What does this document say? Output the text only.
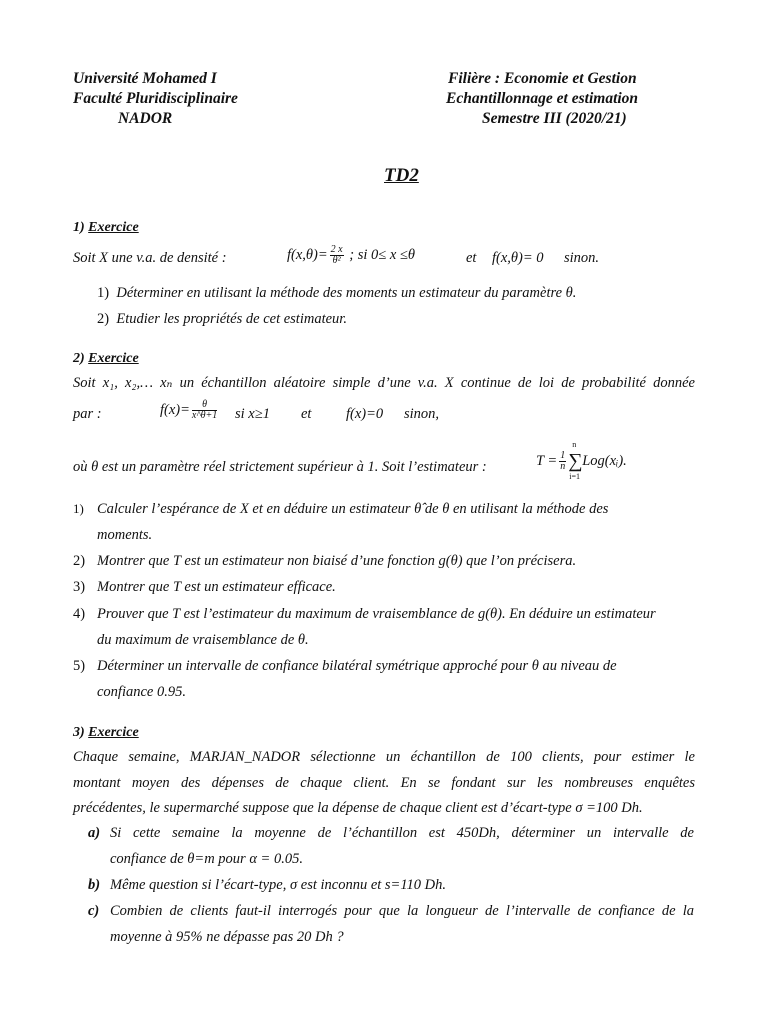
Université Mohamed I
Faculté Pluridisciplinaire
NADOR
Filière : Economie et Gestion
Echantillonnage et estimation
Semestre III (2020/21)
TD2
1) Exercice
Soit X une v.a. de densité :	$f(x,\theta)= \frac{2 x}{\text{θ²}}$ ; si 0≤ x ≤θ	et f(x,θ)= 0 sinon.
1) Déterminer en utilisant la méthode des moments un estimateur du paramètre θ.
2) Etudier les propriétés de cet estimateur.
2) Exercice
Soit x₁, x₂,… xₙ un échantillon aléatoire simple d’une v.a. X continue de loi de probabilité donnée
par :	$f(x)= \frac{\theta}{x\^{}\theta+1}$ si x≥1 et f(x)=0 sinon,
où θ est un paramètre réel strictement supérieur à 1. Soit l’estimateur :	$T = \frac{1}{n}$ ∑
n
i=1
Log(xᵢ).
1) Calculer l’espérance de X et en déduire un estimateur θ̂ de θ en utilisant la méthode des
moments.
2) Montrer que T est un estimateur non biaisé d’une fonction g(θ) que l’on précisera.
3) Montrer que T est un estimateur efficace.
4) Prouver que T est l’estimateur du maximum de vraisemblance de g(θ). En déduire un estimateur
du maximum de vraisemblance de θ.
5) Déterminer un intervalle de confiance bilatéral symétrique approché pour θ au niveau de
confiance 0.95.
3) Exercice
Chaque semaine, MARJAN_NADOR sélectionne un échantillon de 100 clients, pour estimer le
montant moyen des dépenses de chaque client. En se fondant sur les nombreuses enquêtes
précédentes, le supermarché suppose que la dépense de chaque client est d’écart-type σ =100 Dh.
a) Si cette semaine la moyenne de l’échantillon est 450Dh, déterminer un intervalle de
confiance de θ=m pour α = 0.05.
b) Même question si l’écart-type, σ est inconnu et s=110 Dh.
c) Combien de clients faut-il interrogés pour que la longueur de l’intervalle de confiance de la
moyenne à 95% ne dépasse pas 20 Dh ?
